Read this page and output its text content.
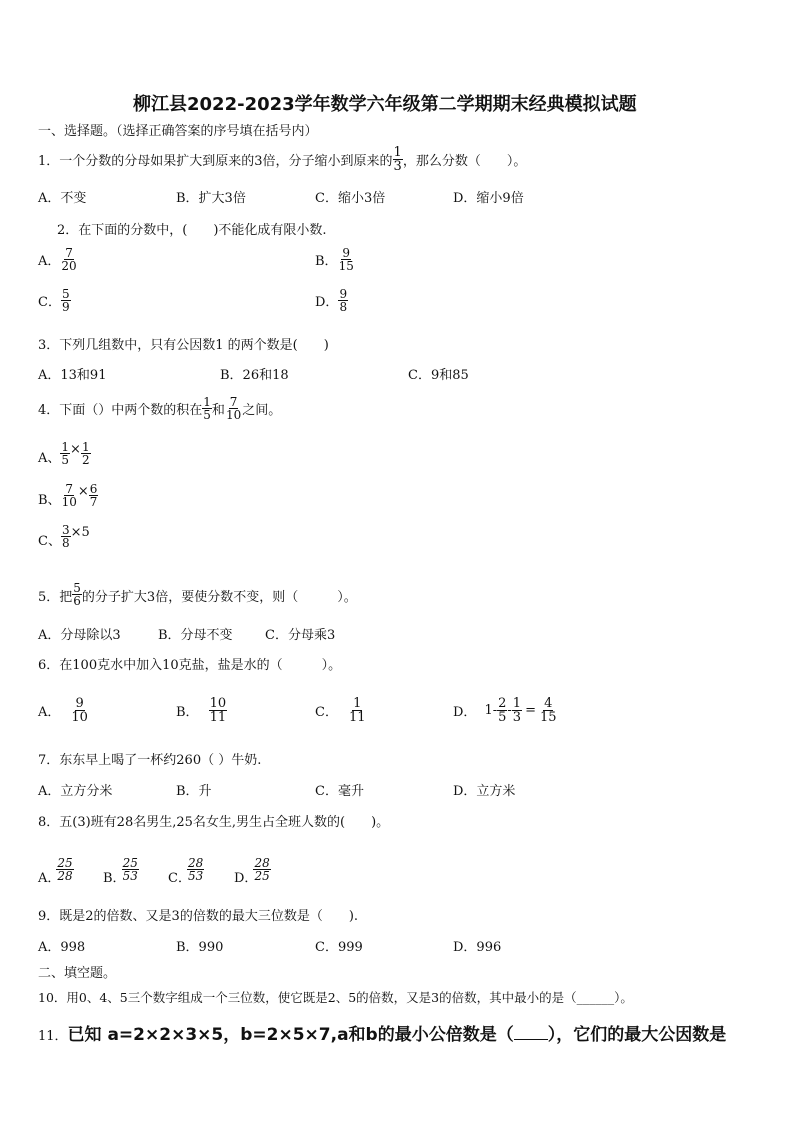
柳江县2022-2023学年数学六年级第二学期期末经典模拟试题
一、选择题。（选择正确答案的序号填在括号内）
1．一个分数的分母如果扩大到原来的3倍，分子缩小到原来的 $\frac{1}{3}$ ，那么分数（　　）。
A．不变	B．扩大3倍	C．缩小3倍	D．缩小9倍
2．在下面的分数中，(　　)不能化成有限小数.
A． $\frac{7}{20}$	B． $\frac{9}{15}$
C． $\frac{5}{9}$	D． $\frac{9}{8}$
3．下列几组数中，只有公因数1 的两个数是(　　)
A．13和91	B．26和18	C．9和85
4．下面（）中两个数的积在 $\frac{1}{5}$ 和 $\frac{7}{10}$ 之间。
A、 $\frac{1}{5} \times \frac{1}{2}$
B、 $\frac{7}{10} \times \frac{6}{7}$
C、 $\frac{3}{8} \times 5$
5．把 $\frac{5}{6}$ 的分子扩大3倍，要使分数不变，则（　　　）。
A．分母除以3	B．分母不变 C．分母乘3
6．在100克水中加入10克盐，盐是水的（　　　）。
A． $\frac{9}{10}$	B． $\frac{10}{11}$	C． $\frac{1}{11}$	D． $1- \frac{2}{5} - \frac{1}{3} = \frac{4}{15}$
7．东东早上喝了一杯约260（ ）牛奶.
A．立方分米	B．升	C．毫升	D．立方米
8．五(3)班有28名男生,25名女生,男生占全班人数的(　　)。
A．
$\frac{25}{28}$ B．
$\frac{25}{53}$ C．
$\frac{28}{53}$ D．
$\frac{28}{25}$
9．既是2的倍数、又是3的倍数的最大三位数是（　　).
A．998	B．990	C．999	D．996
二、填空题。
10．用0、4、5三个数字组成一个三位数，使它既是2、5的倍数，又是3的倍数，其中最小的是（______）。
11． 已知 a=2×2×3×5，b=2×5×7,a和b的最小公倍数是（ ），它们的最大公因数是
